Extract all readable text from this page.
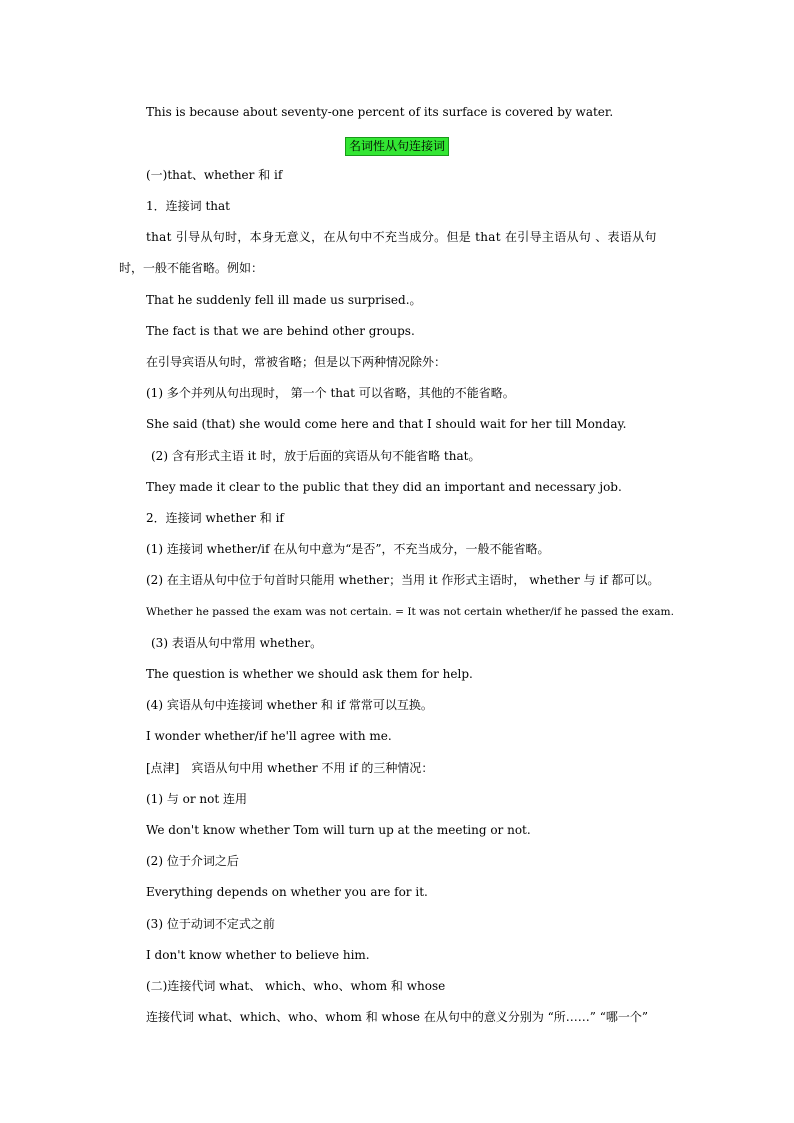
This is because about seventy-one percent of its surface is covered by water.
名词性从句连接词
(一)that、whether 和 if
1．连接词 that
that 引导从句时，本身无意义，在从句中不充当成分。但是 that 在引导主语从句 、表语从句
时，一般不能省略。例如：
That he suddenly fell ill made us surprised.。
The fact is that we are behind other groups.
在引导宾语从句时，常被省略；但是以下两种情况除外：
(1) 多个并列从句出现时， 第一个 that 可以省略，其他的不能省略。
She said (that) she would come here and that I should wait for her till Monday.
(2) 含有形式主语 it 时，放于后面的宾语从句不能省略 that。
They made it clear to the public that they did an important and necessary job.
2．连接词 whether 和 if
(1) 连接词 whether/if 在从句中意为“是否”，不充当成分，一般不能省略。
(2) 在主语从句中位于句首时只能用 whether；当用 it 作形式主语时， whether 与 if 都可以。
Whether he passed the exam was not certain. = It was not certain whether/if he passed the exam.
(3) 表语从句中常用 whether。
The question is whether we should ask them for help.
(4) 宾语从句中连接词 whether 和 if 常常可以互换。
I wonder whether/if he'll agree with me.
[点津]　宾语从句中用 whether 不用 if 的三种情况：
(1) 与 or not 连用
We don't know whether Tom will turn up at the meeting or not.
(2) 位于介词之后
Everything depends on whether you are for it.
(3) 位于动词不定式之前
I don't know whether to believe him.
(二)连接代词 what、 which、who、whom 和 whose
连接代词 what、which、who、whom 和 whose 在从句中的意义分别为 “所……” “哪一个”
